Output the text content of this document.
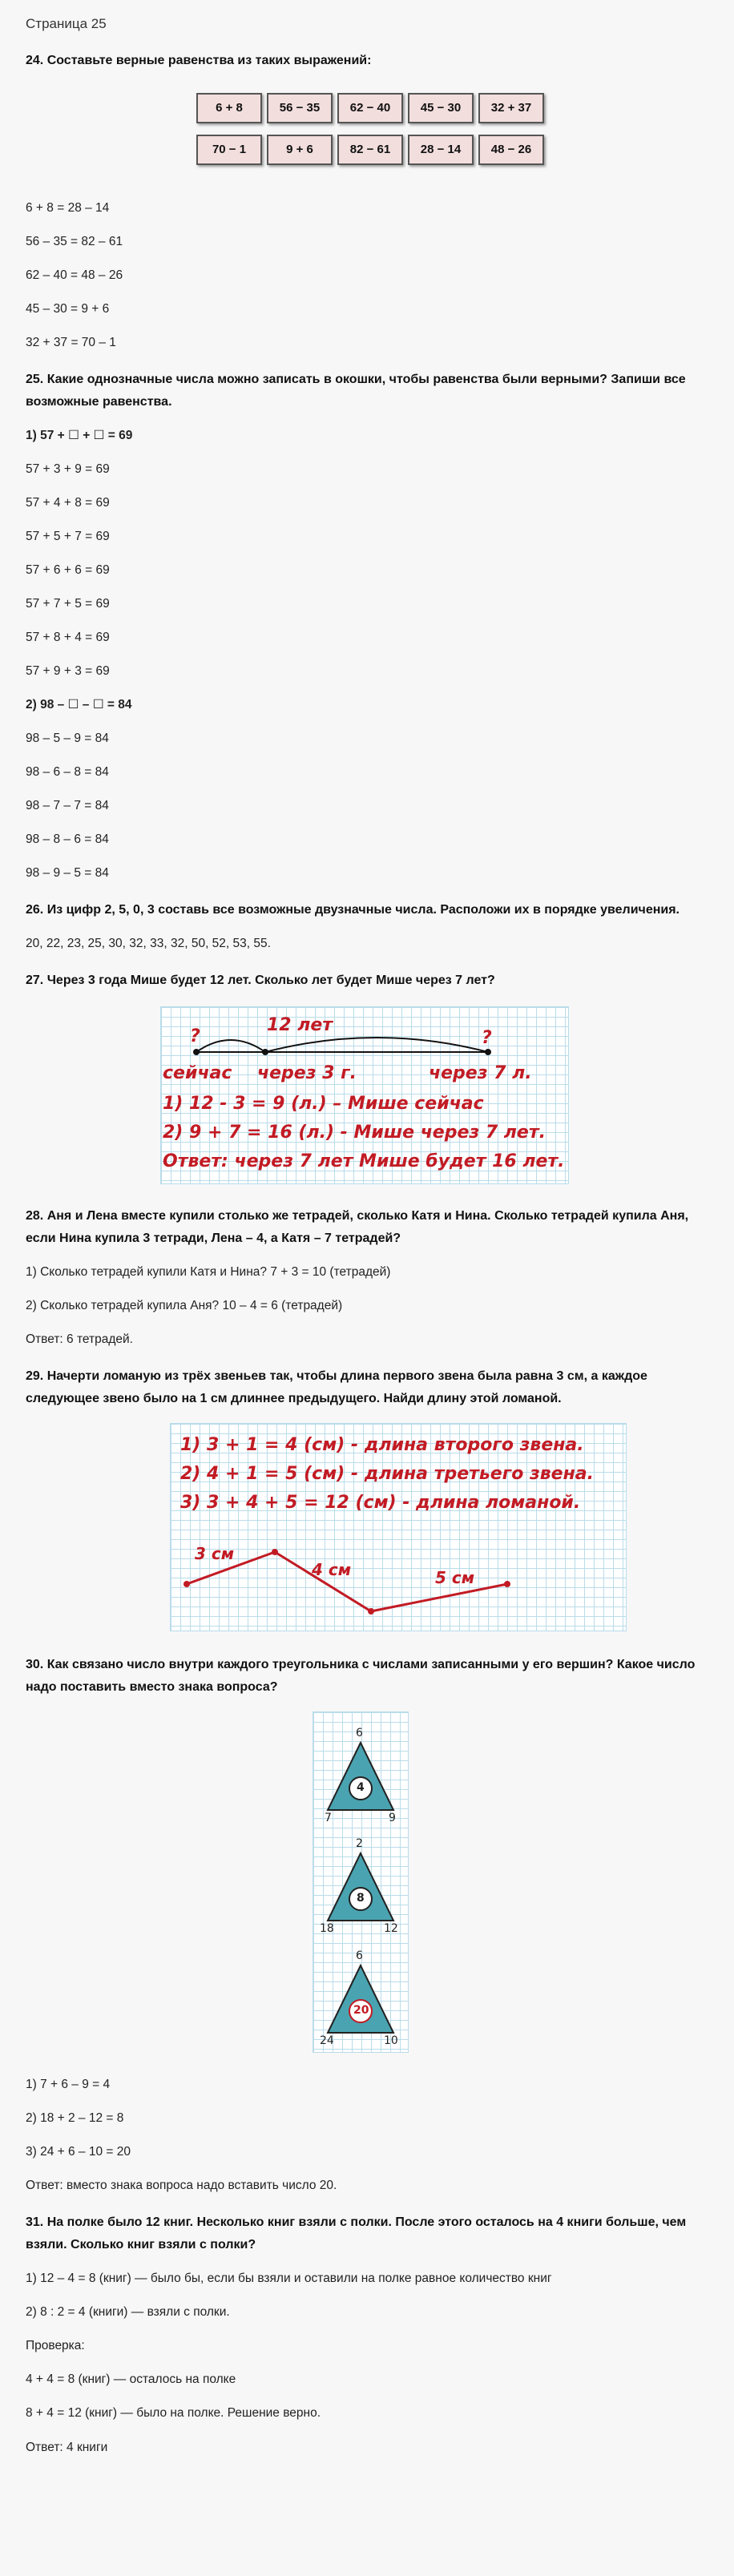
Страница 25
24. Составьте верные равенства из таких выражений:
6 + 8	56 − 35	62 − 40	45 − 30	32 + 37
70 − 1	9 + 6	82 − 61	28 − 14	48 − 26
6 + 8 = 28 – 14
56 – 35 = 82 – 61
62 – 40 = 48 – 26
45 – 30 = 9 + 6
32 + 37 = 70 – 1
25. Какие однозначные числа можно записать в окошки, чтобы равенства были верными? Запиши все возможные равенства.
1) 57 + ☐ + ☐ = 69
57 + 3 + 9 = 69
57 + 4 + 8 = 69
57 + 5 + 7 = 69
57 + 6 + 6 = 69
57 + 7 + 5 = 69
57 + 8 + 4 = 69
57 + 9 + 3 = 69
2) 98 – ☐ – ☐ = 84
98 – 5 – 9 = 84
98 – 6 – 8 = 84
98 – 7 – 7 = 84
98 – 8 – 6 = 84
98 – 9 – 5 = 84
26. Из цифр 2, 5, 0, 3 составь все возможные двузначные числа. Расположи их в порядке увеличения.
20, 22, 23, 25, 30, 32, 33, 32, 50, 52, 53, 55.
27. Через 3 года Мише будет 12 лет. Сколько лет будет Мише через 7 лет?
?	?
12 лет
сейчас через 3 г.	через 7 л.
1) 12 - 3 = 9 (л.) – Мише сейчас
2) 9 + 7 = 16 (л.) - Мише через 7 лет.
Ответ: через 7 лет Мише будет 16 лет.
28. Аня и Лена вместе купили столько же тетрадей, сколько Катя и Нина. Сколько тетрадей купила Аня, если Нина купила 3 тетради, Лена – 4, а Катя – 7 тетрадей?
1) Сколько тетрадей купили Катя и Нина? 7 + 3 = 10 (тетрадей)
2) Сколько тетрадей купила Аня? 10 – 4 = 6 (тетрадей)
Ответ: 6 тетрадей.
29. Начерти ломаную из трёх звеньев так, чтобы длина первого звена была равна 3 см, а каждое следующее звено было на 1 см длиннее предыдущего. Найди длину этой ломаной.
1) 3 + 1 = 4 (см) - длина второго звена.
2) 4 + 1 = 5 (см) - длина третьего звена.
3) 3 + 4 + 5 = 12 (см) - длина ломаной.
3 см
4 см	5 см
30. Как связано число внутри каждого треугольника с числами записанными у его вершин? Какое число надо поставить вместо знака вопроса?
6
4
7	9
2
8
18	12
6
20
24	10
1) 7 + 6 – 9 = 4
2) 18 + 2 – 12 = 8
3) 24 + 6 – 10 = 20
Ответ: вместо знака вопроса надо вставить число 20.
31. На полке было 12 книг. Несколько книг взяли с полки. После этого осталось на 4 книги больше, чем взяли. Сколько книг взяли с полки?
1) 12 – 4 = 8 (книг) — было бы, если бы взяли и оставили на полке равное количество книг
2) 8 : 2 = 4 (книги) — взяли с полки.
Проверка:
4 + 4 = 8 (книг) — осталось на полке
8 + 4 = 12 (книг) — было на полке. Решение верно.
Ответ: 4 книги
